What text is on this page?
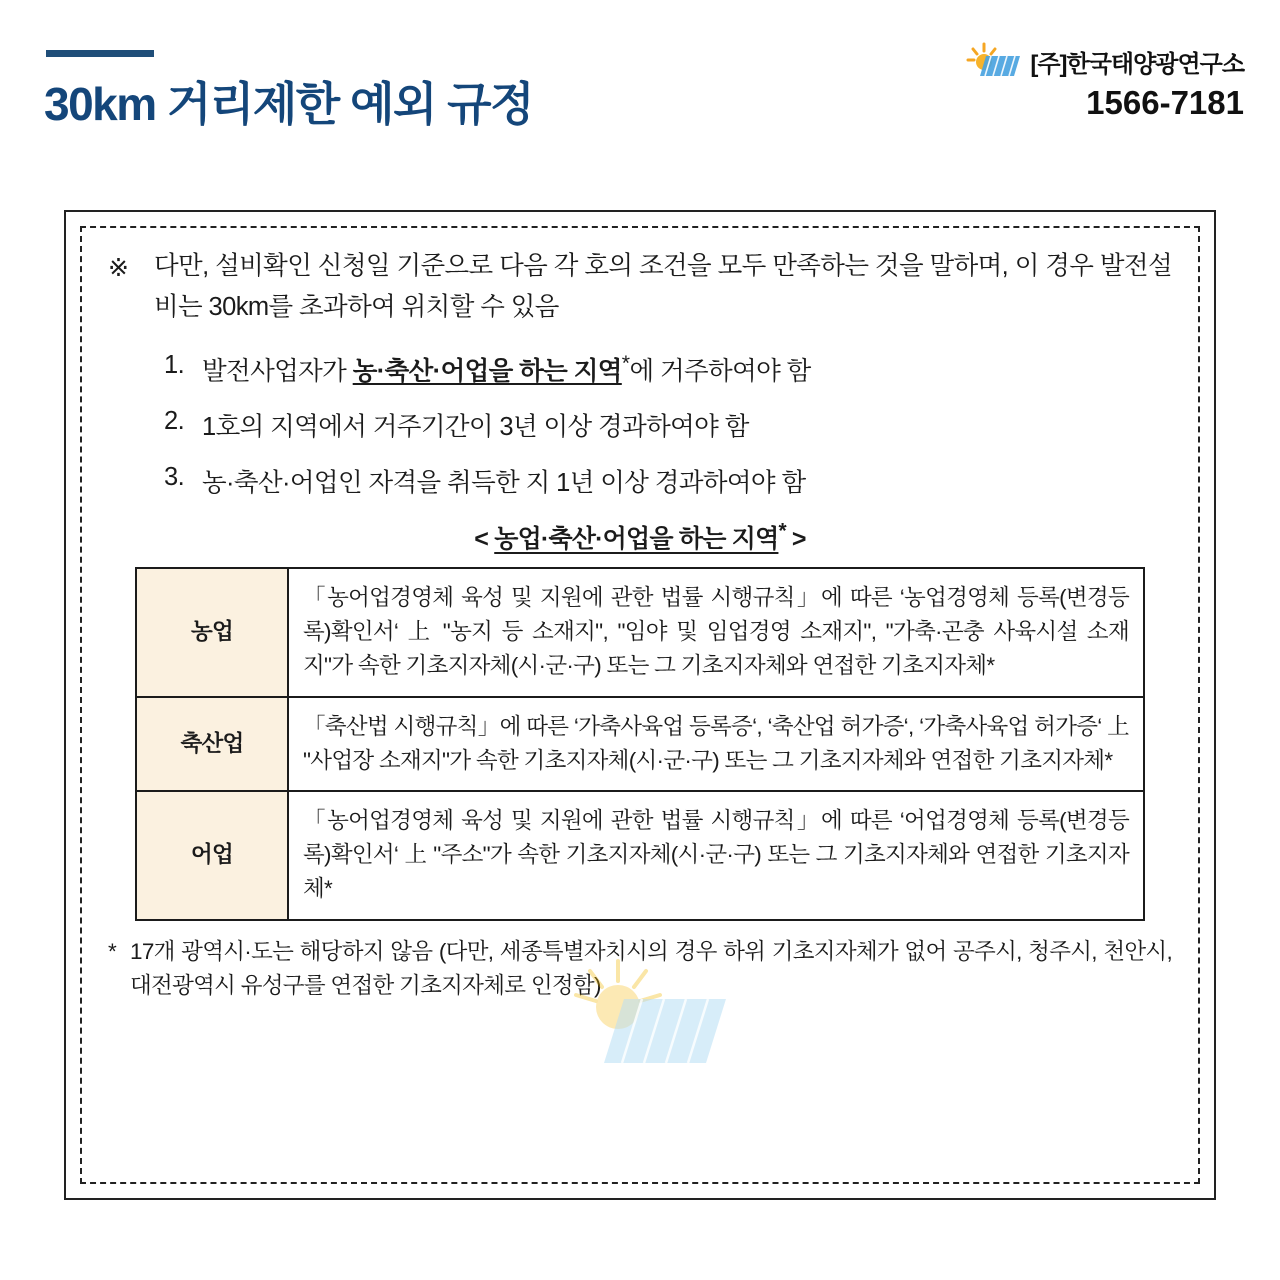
30km 거리제한 예외 규정
[주]한국태양광연구소
1566-7181
※	다만, 설비확인 신청일 기준으로 다음 각 호의 조건을 모두 만족하는 것을 말하며, 이 경우 발전설비는 30km를 초과하여 위치할 수 있음
1. 발전사업자가 농·축산·어업을 하는 지역*에 거주하여야 함
2. 1호의 지역에서 거주기간이 3년 이상 경과하여야 함
3. 농·축산·어업인 자격을 취득한 지 1년 이상 경과하여야 함
< 농업·축산·어업을 하는 지역* >
농업	「농어업경영체 육성 및 지원에 관한 법률 시행규칙」에 따른 ‘농업경영체 등록(변경등록)확인서‘ 上 "농지 등 소재지", "임야 및 임업경영 소재지", "가축·곤충 사육시설 소재지"가 속한 기초지자체(시·군·구) 또는 그 기초지자체와 연접한 기초지자체*
축산업	「축산법 시행규칙」에 따른 ‘가축사육업 등록증‘, ‘축산업 허가증‘, ‘가축사육업 허가증‘ 上 "사업장 소재지"가 속한 기초지자체(시·군·구) 또는 그 기초지자체와 연접한 기초지자체*
어업	「농어업경영체 육성 및 지원에 관한 법률 시행규칙」에 따른 ‘어업경영체 등록(변경등록)확인서‘ 上 "주소"가 속한 기초지자체(시·군·구) 또는 그 기초지자체와 연접한 기초지자체*
* 17개 광역시·도는 해당하지 않음 (다만, 세종특별자치시의 경우 하위 기초지자체가 없어 공주시, 청주시, 천안시, 대전광역시 유성구를 연접한 기초지자체로 인정함)
